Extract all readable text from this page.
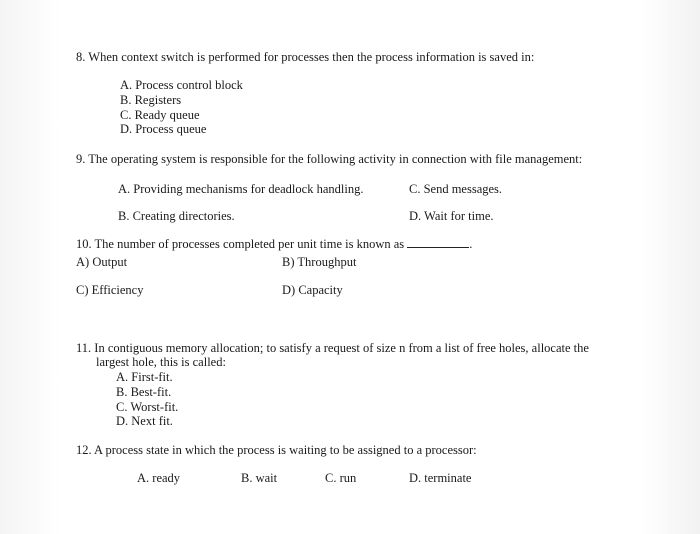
8. When context switch is performed for processes then the process information is saved in:
A. Process control block
B. Registers
C. Ready queue
D. Process queue
9. The operating system is responsible for the following activity in connection with file management:
A. Providing mechanisms for deadlock handling.	C. Send messages.
B. Creating directories.	D. Wait for time.
10. The number of processes completed per unit time is known as	.
A) Output	B) Throughput
C) Efficiency	D) Capacity
11. In contiguous memory allocation; to satisfy a request of size n from a list of free holes, allocate the
largest hole, this is called:
A. First-fit.
B. Best-fit.
C. Worst-fit.
D. Next fit.
12. A process state in which the process is waiting to be assigned to a processor:
A. ready	B. wait	C. run	D. terminate
